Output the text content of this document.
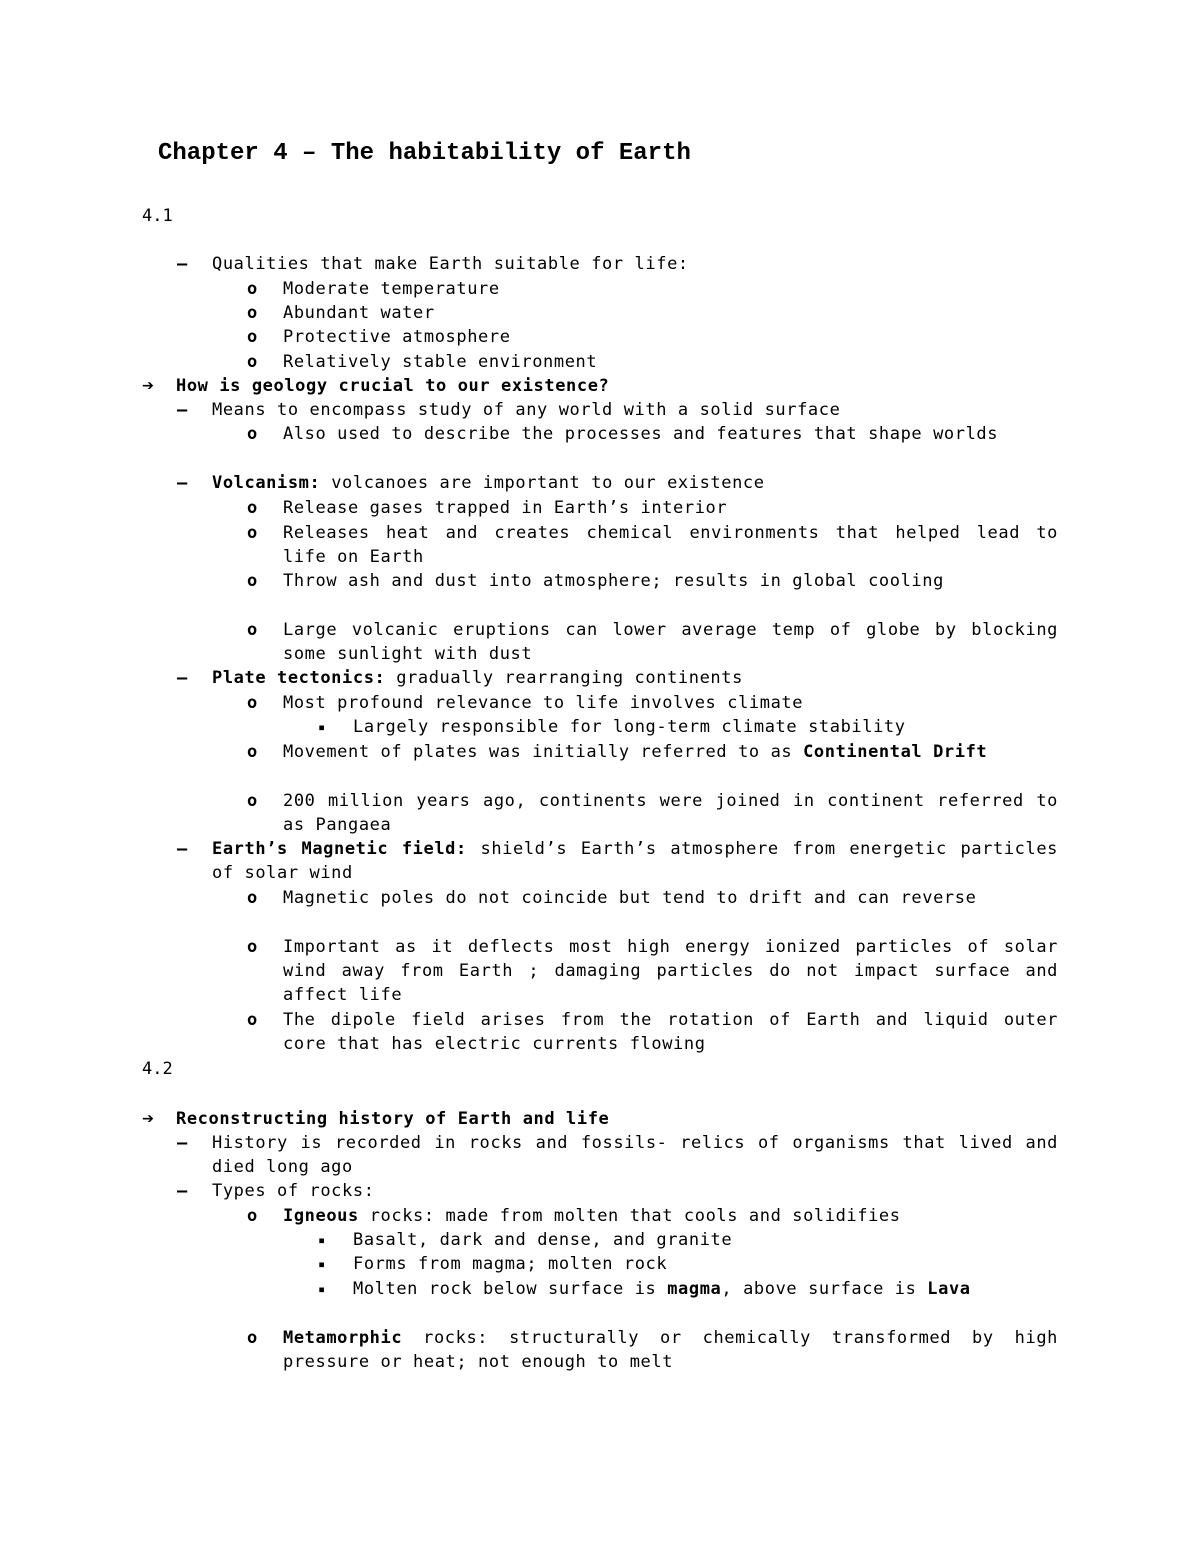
Chapter 4 – The habitability of Earth
4.1
– Qualities that make Earth suitable for life:
o Moderate temperature
o Abundant water
o Protective atmosphere
o Relatively stable environment
➔ How is geology crucial to our existence?
– Means to encompass study of any world with a solid surface
o Also used to describe the processes and features that shape worlds
– Volcanism: volcanoes are important to our existence
o Release gases trapped in Earth’s interior
o Releases heat and creates chemical environments that helped lead to life on Earth
o Throw ash and dust into atmosphere; results in global cooling
o Large volcanic eruptions can lower average temp of globe by blocking some sunlight with dust
– Plate tectonics: gradually rearranging continents
o Most profound relevance to life involves climate
▪ Largely responsible for long-term climate stability
o Movement of plates was initially referred to as Continental Drift
o 200 million years ago, continents were joined in continent referred to as Pangaea
– Earth’s Magnetic field: shield’s Earth’s atmosphere from energetic particles of solar wind
o Magnetic poles do not coincide but tend to drift and can reverse
o Important as it deflects most high energy ionized particles of solar wind away from Earth ; damaging particles do not impact surface and affect life
o The dipole field arises from the rotation of Earth and liquid outer core that has electric currents flowing
4.2
➔ Reconstructing history of Earth and life
– History is recorded in rocks and fossils- relics of organisms that lived and died long ago
– Types of rocks:
o Igneous rocks: made from molten that cools and solidifies
▪ Basalt, dark and dense, and granite
▪ Forms from magma; molten rock
▪ Molten rock below surface is magma, above surface is Lava
o Metamorphic rocks: structurally or chemically transformed by high pressure or heat; not enough to melt
